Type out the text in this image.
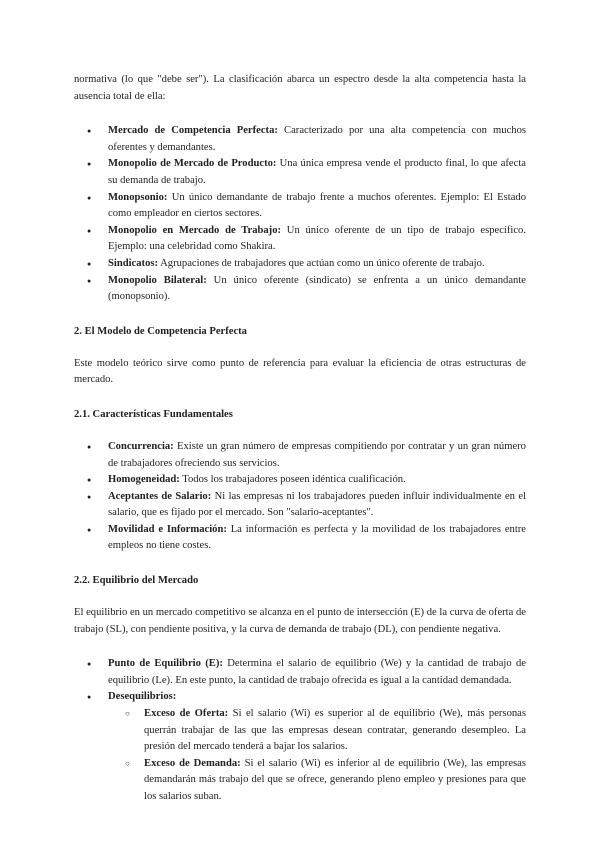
normativa (lo que "debe ser"). La clasificación abarca un espectro desde la alta competencia hasta la ausencia total de ella:

● Mercado de Competencia Perfecta: Caracterizado por una alta competencia con muchos oferentes y demandantes.
● Monopolio de Mercado de Producto: Una única empresa vende el producto final, lo que afecta su demanda de trabajo.
● Monopsonio: Un único demandante de trabajo frente a muchos oferentes. Ejemplo: El Estado como empleador en ciertos sectores.
● Monopolio en Mercado de Trabajo: Un único oferente de un tipo de trabajo específico. Ejemplo: una celebridad como Shakira.
● Sindicatos: Agrupaciones de trabajadores que actúan como un único oferente de trabajo.
● Monopolio Bilateral: Un único oferente (sindicato) se enfrenta a un único demandante (monopsonio).
2. El Modelo de Competencia Perfecta

Este modelo teórico sirve como punto de referencia para evaluar la eficiencia de otras estructuras de mercado.

2.1. Características Fundamentales
● Concurrencia: Existe un gran número de empresas compitiendo por contratar y un gran número de trabajadores ofreciendo sus servicios.
● Homogeneidad: Todos los trabajadores poseen idéntica cualificación.
● Aceptantes de Salario: Ni las empresas ni los trabajadores pueden influir individualmente en el salario, que es fijado por el mercado. Son "salario-aceptantes".
● Movilidad e Información: La información es perfecta y la movilidad de los trabajadores entre empleos no tiene costes.
2.2. Equilibrio del Mercado

El equilibrio en un mercado competitivo se alcanza en el punto de intersección (E) de la curva de oferta de trabajo (SL), con pendiente positiva, y la curva de demanda de trabajo (DL), con pendiente negativa.

● Punto de Equilibrio (E): Determina el salario de equilibrio (We) y la cantidad de trabajo de equilibrio (Le). En este punto, la cantidad de trabajo ofrecida es igual a la cantidad demandada.
● Desequilibrios:
○ Exceso de Oferta: Si el salario (Wi) es superior al de equilibrio (We), más personas querrán trabajar de las que las empresas desean contratar, generando desempleo. La presión del mercado tenderá a bajar los salarios.
○ Exceso de Demanda: Si el salario (Wi) es inferior al de equilibrio (We), las empresas demandarán más trabajo del que se ofrece, generando pleno empleo y presiones para que los salarios suban.
